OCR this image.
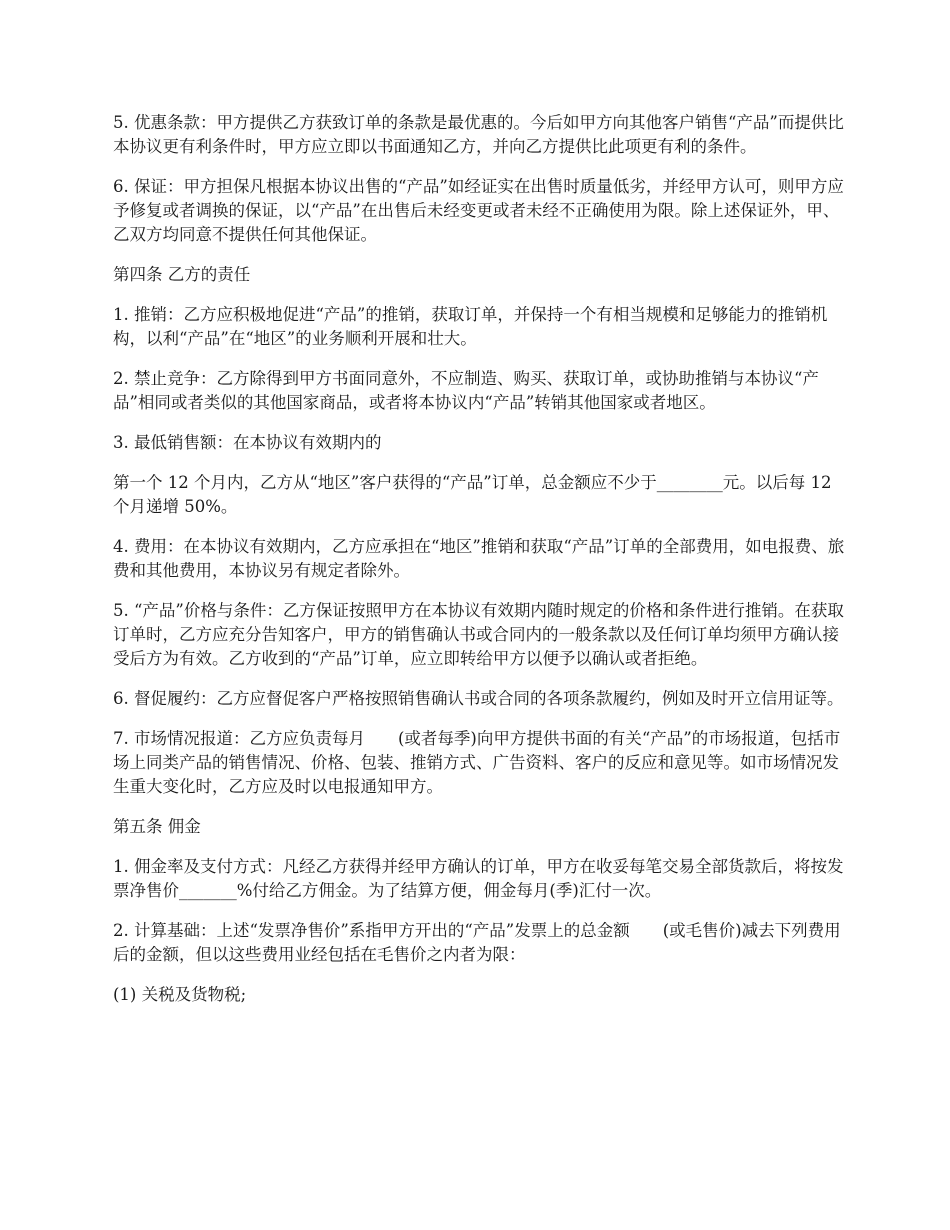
5. 优惠条款：甲方提供乙方获致订单的条款是最优惠的。今后如甲方向其他客户销售“产品”而提供比本协议更有利条件时，甲方应立即以书面通知乙方，并向乙方提供比此项更有利的条件。

6. 保证：甲方担保凡根据本协议出售的“产品”如经证实在出售时质量低劣，并经甲方认可，则甲方应予修复或者调换的保证，以“产品”在出售后未经变更或者未经不正确使用为限。除上述保证外，甲、乙双方均同意不提供任何其他保证。

第四条 乙方的责任

1. 推销：乙方应积极地促进“产品”的推销，获取订单，并保持一个有相当规模和足够能力的推销机构，以利“产品”在“地区”的业务顺利开展和壮大。

2. 禁止竞争：乙方除得到甲方书面同意外，不应制造、购买、获取订单，或协助推销与本协议“产品”相同或者类似的其他国家商品，或者将本协议内“产品”转销其他国家或者地区。

3. 最低销售额：在本协议有效期内的

第一个 12 个月内，乙方从“地区”客户获得的“产品”订单，总金额应不少于________元。以后每 12 个月递增 50%。

4. 费用：在本协议有效期内，乙方应承担在“地区”推销和获取“产品”订单的全部费用，如电报费、旅费和其他费用，本协议另有规定者除外。

5. “产品”价格与条件：乙方保证按照甲方在本协议有效期内随时规定的价格和条件进行推销。在获取订单时，乙方应充分告知客户，甲方的销售确认书或合同内的一般条款以及任何订单均须甲方确认接受后方为有效。乙方收到的“产品”订单，应立即转给甲方以便予以确认或者拒绝。

6. 督促履约：乙方应督促客户严格按照销售确认书或合同的各项条款履约，例如及时开立信用证等。

7. 市场情况报道：乙方应负责每月　　(或者每季)向甲方提供书面的有关“产品”的市场报道，包括市场上同类产品的销售情况、价格、包装、推销方式、广告资料、客户的反应和意见等。如市场情况发生重大变化时，乙方应及时以电报通知甲方。

第五条 佣金

1. 佣金率及支付方式：凡经乙方获得并经甲方确认的订单，甲方在收妥每笔交易全部货款后，将按发票净售价_______%付给乙方佣金。为了结算方便，佣金每月(季)汇付一次。

2. 计算基础：上述“发票净售价”系指甲方开出的“产品”发票上的总金额　　(或毛售价)减去下列费用后的金额，但以这些费用业经包括在毛售价之内者为限：

(1) 关税及货物税;
